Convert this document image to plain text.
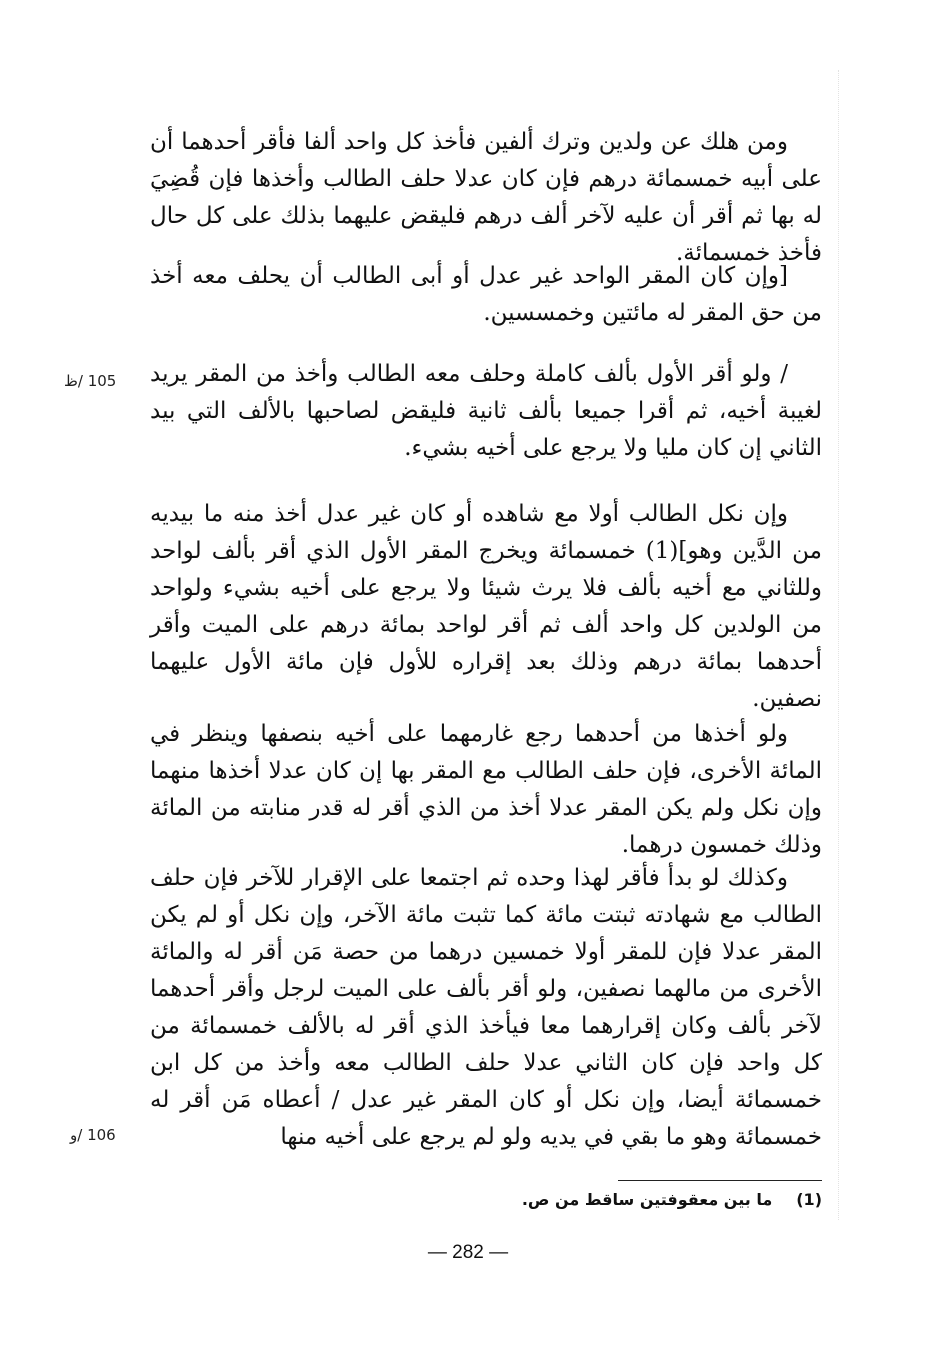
ومن هلك عن ولدين وترك ألفين فأخذ كل واحد ألفا فأقر أحدهما أن على أبيه خمسمائة درهم فإن كان عدلا حلف الطالب وأخذها فإن قُضِيَ له بها ثم أقر أن عليه لآخر ألف درهم فليقض عليهما بذلك على كل حال فأخذ خمسمائة.

[وإن كان المقر الواحد غير عدل أو أبى الطالب أن يحلف معه أخذ من حق المقر له مائتين وخمسسين.

/ ولو أقر الأول بألف كاملة وحلف معه الطالب وأخذ من المقر يريد لغيبة أخيه، ثم أقرا جميعا بألف ثانية فليقض لصاحبها بالألف التي بيد الثاني إن كان مليا ولا يرجع على أخيه بشيء.

وإن نكل الطالب أولا مع شاهده أو كان غير عدل أخذ منه ما بيديه من الدَّين وهو](1) خمسمائة ويخرج المقر الأول الذي أقر بألف لواحد وللثاني مع أخيه بألف فلا يرث شيئا ولا يرجع على أخيه بشيء ولواحد من الولدين كل واحد ألف ثم أقر لواحد بمائة درهم على الميت وأقر أحدهما بمائة درهم وذلك بعد إقراره للأول فإن مائة الأول عليهما نصفين.

ولو أخذها من أحدهما رجع غارمهما على أخيه بنصفها وينظر في المائة الأخرى، فإن حلف الطالب مع المقر بها إن كان عدلا أخذها منهما وإن نكل ولم يكن المقر عدلا أخذ من الذي أقر له قدر منابته من المائة وذلك خمسون درهما.

وكذلك لو بدأ فأقر لهذا وحده ثم اجتمعا على الإقرار للآخر فإن حلف الطالب مع شهادته ثبتت مائة كما تثبت مائة الآخر، وإن نكل أو لم يكن المقر عدلا فإن للمقر أولا خمسين درهما من حصة مَن أقر له والمائة الأخرى من مالهما نصفين، ولو أقر بألف على الميت لرجل وأقر أحدهما لآخر بألف وكان إقرارهما معا فيأخذ الذي أقر له بالألف خمسمائة من كل واحد فإن كان الثاني عدلا حلف الطالب معه وأخذ من كل ابن خمسمائة أيضا، وإن نكل أو كان المقر غير عدل / أعطاه مَن أقر له خمسمائة وهو ما بقي في يديه ولو لم يرجع على أخيه منها

105 /ظ
106 /و
(1)ما بين معقوفتين ساقط من ص.
— 282 —
